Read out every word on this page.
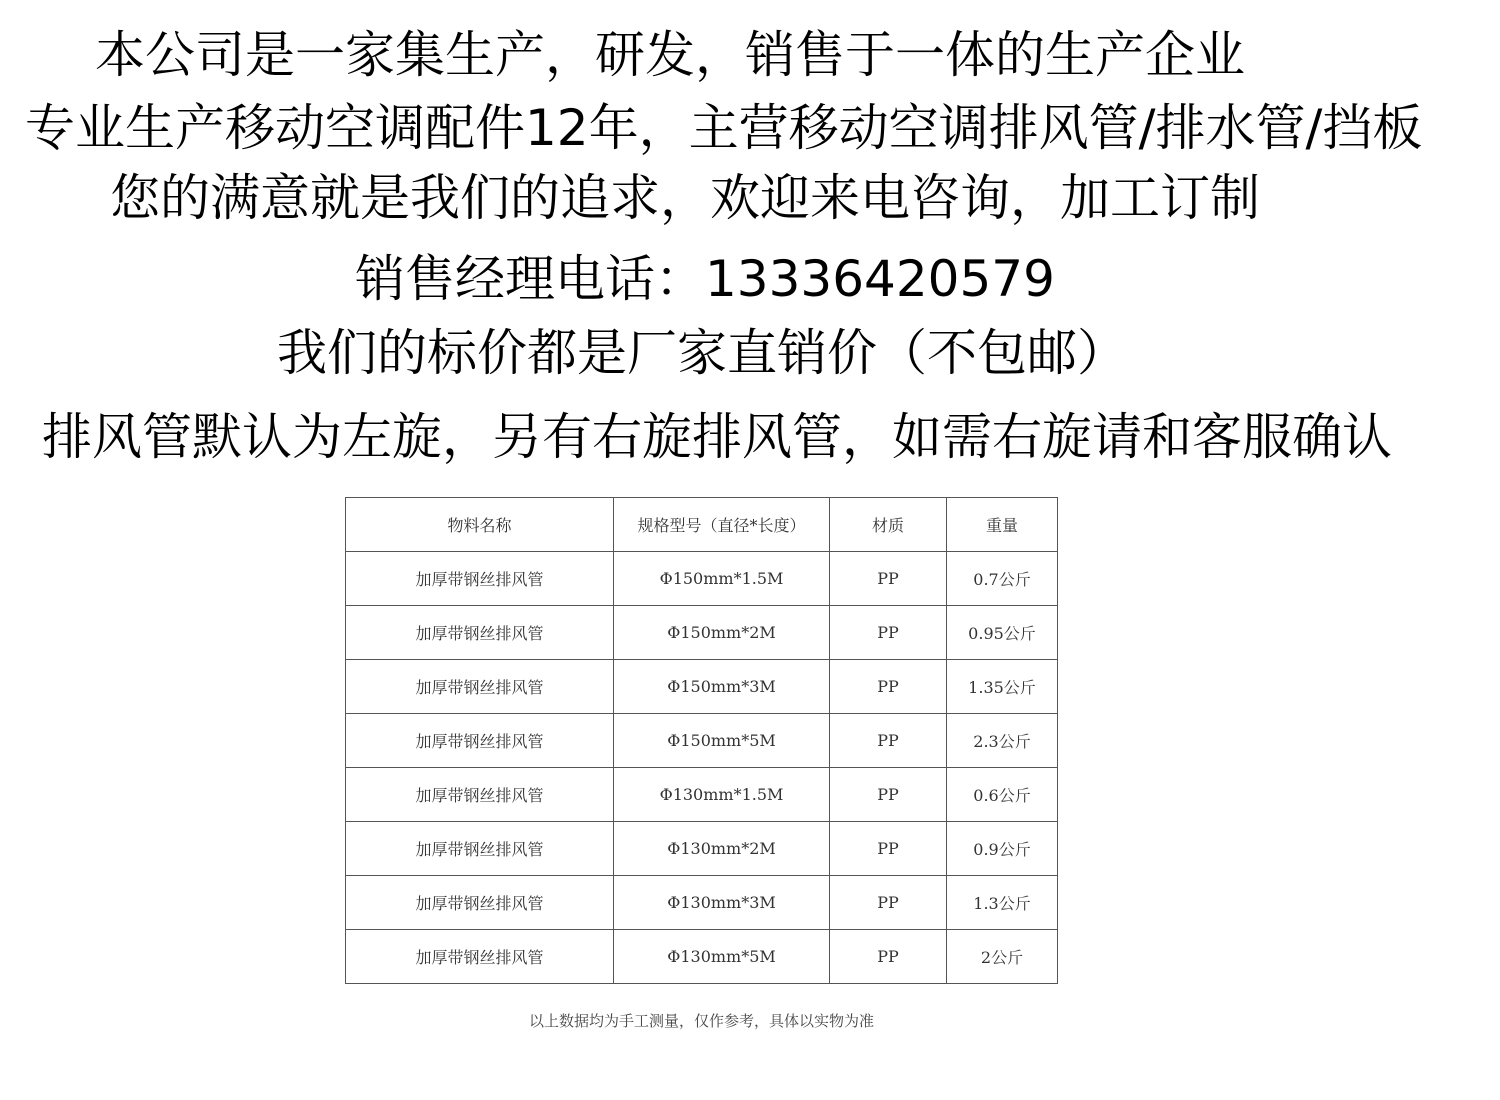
本公司是一家集生产，研发，销售于一体的生产企业
专业生产移动空调配件12年，主营移动空调排风管/排水管/挡板
您的满意就是我们的追求，欢迎来电咨询，加工订制
销售经理电话：13336420579
我们的标价都是厂家直销价（不包邮）
排风管默认为左旋，另有右旋排风管，如需右旋请和客服确认
物料名称	规格型号（直径*长度）	材质	重量
加厚带钢丝排风管	Φ150mm*1.5M	PP	0.7公斤
加厚带钢丝排风管	Φ150mm*2M	PP	0.95公斤
加厚带钢丝排风管	Φ150mm*3M	PP	1.35公斤
加厚带钢丝排风管	Φ150mm*5M	PP	2.3公斤
加厚带钢丝排风管	Φ130mm*1.5M	PP	0.6公斤
加厚带钢丝排风管	Φ130mm*2M	PP	0.9公斤
加厚带钢丝排风管	Φ130mm*3M	PP	1.3公斤
加厚带钢丝排风管	Φ130mm*5M	PP	2公斤
以上数据均为手工测量，仅作参考，具体以实物为准
